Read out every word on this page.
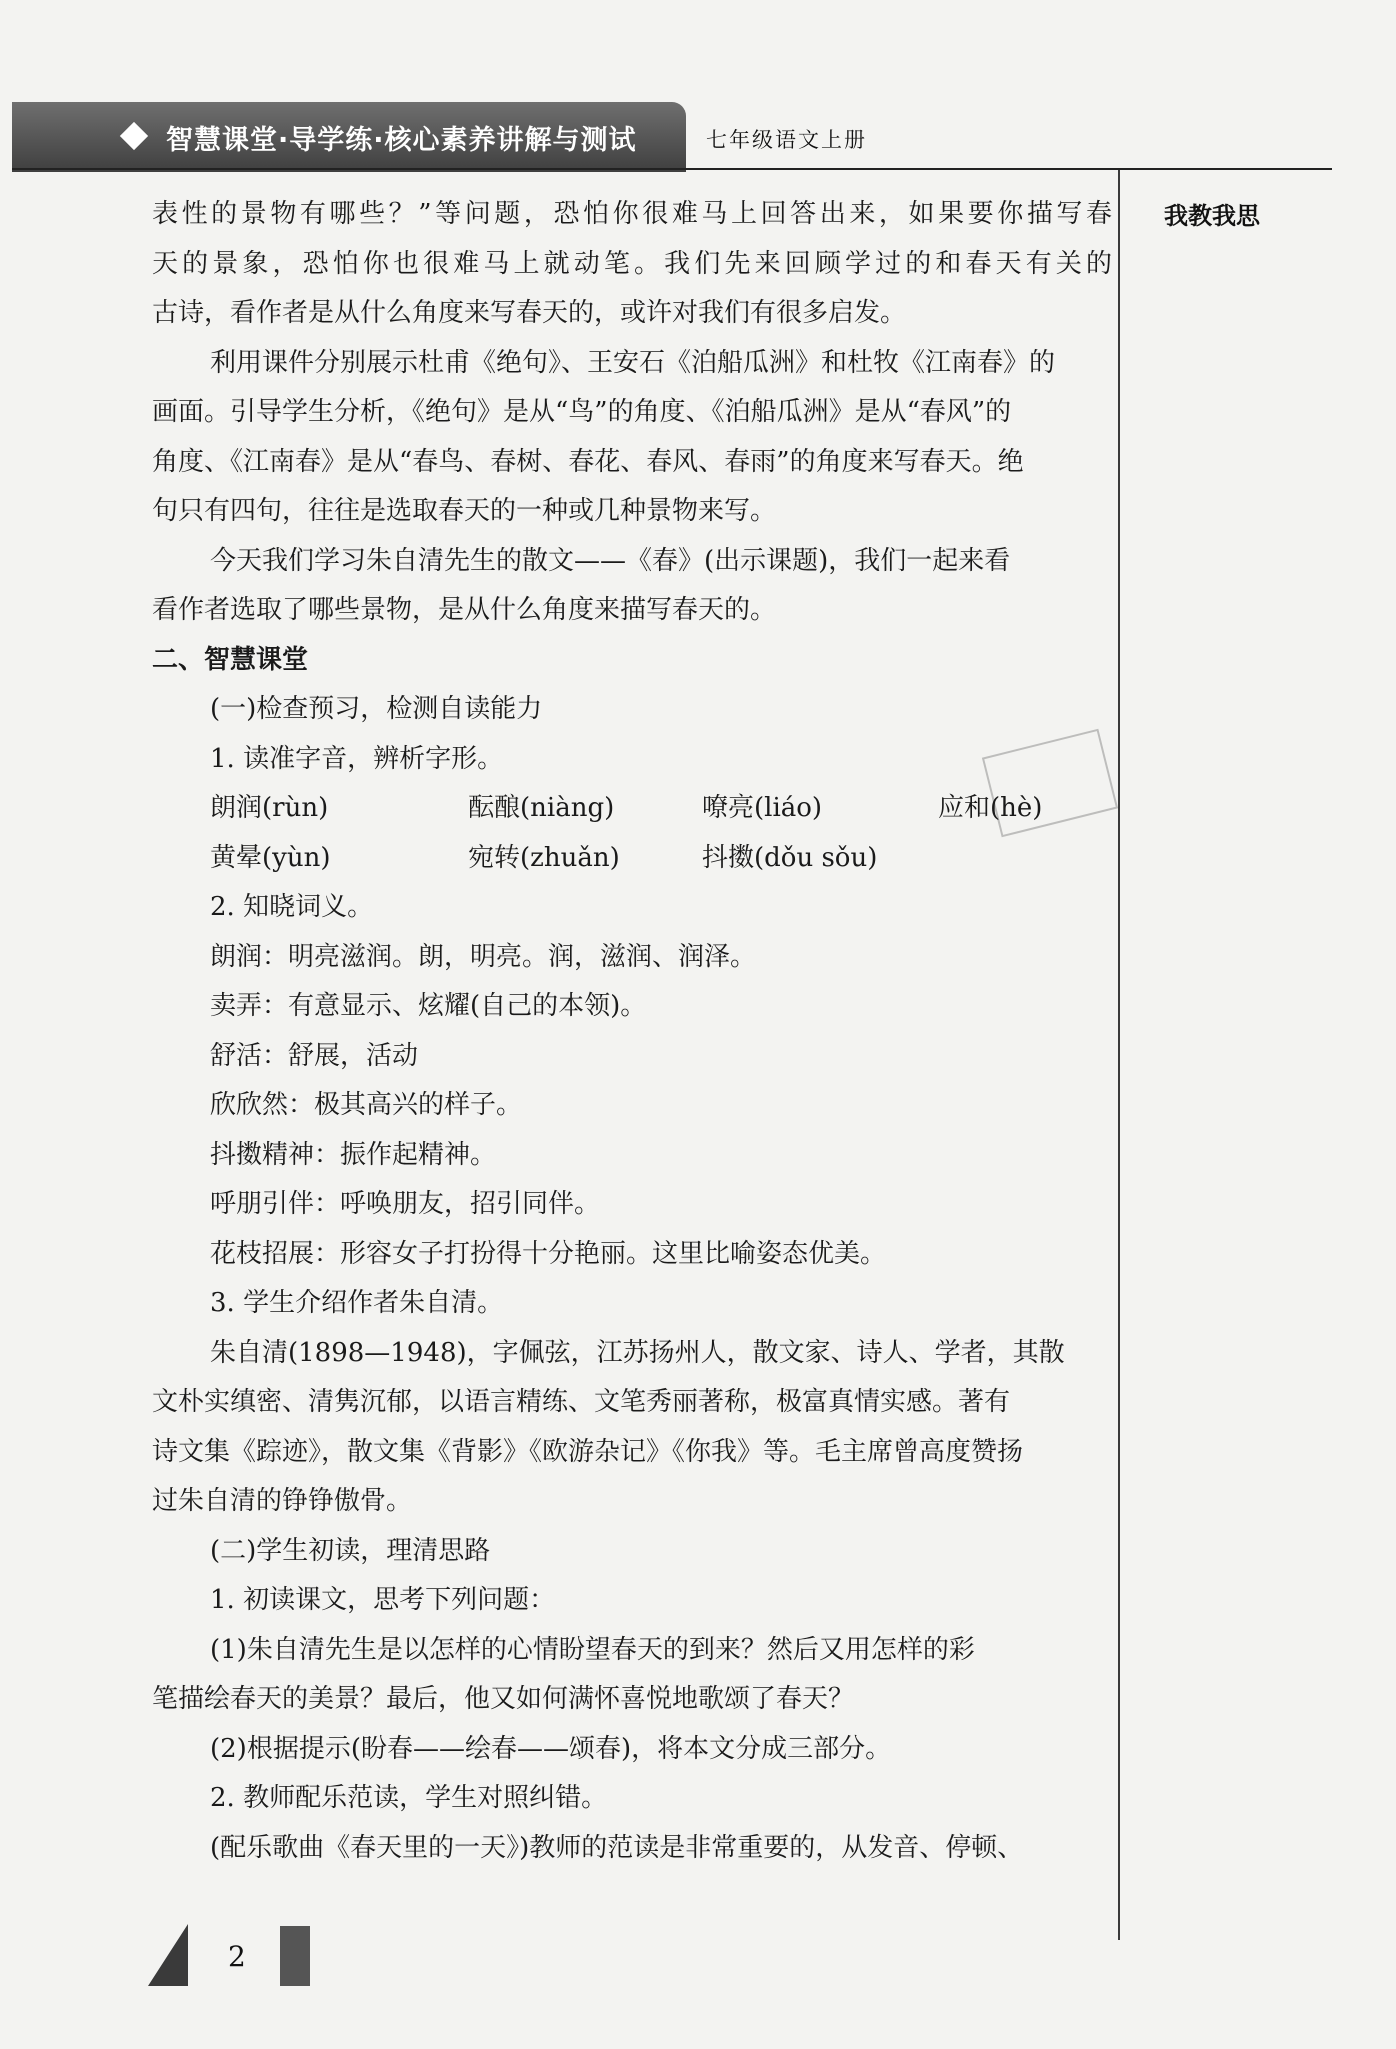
智慧课堂·导学练·核心素养讲解与测试	七年级语文上册
我教我思

表性的景物有哪些？”等问题，恐怕你很难马上回答出来，如果要你描写春

天的景象，恐怕你也很难马上就动笔。我们先来回顾学过的和春天有关的

古诗，看作者是从什么角度来写春天的，或许对我们有很多启发。

利用课件分别展示杜甫《绝句》、王安石《泊船瓜洲》和杜牧《江南春》的

画面。引导学生分析，《绝句》是从“鸟”的角度、《泊船瓜洲》是从“春风”的

角度、《江南春》是从“春鸟、春树、春花、春风、春雨”的角度来写春天。绝

句只有四句，往往是选取春天的一种或几种景物来写。

今天我们学习朱自清先生的散文——《春》(出示课题)，我们一起来看

看作者选取了哪些景物，是从什么角度来描写春天的。

二、智慧课堂

(一)检查预习，检测自读能力

1. 读准字音，辨析字形。

朗润(rùn)	酝酿(niàng)	嘹亮(liáo)	应和(hè)
黄晕(yùn)	宛转(zhuǎn)	抖擞(dǒu sǒu)

2. 知晓词义。

朗润：明亮滋润。朗，明亮。润，滋润、润泽。

卖弄：有意显示、炫耀(自己的本领)。

舒活：舒展，活动

欣欣然：极其高兴的样子。

抖擞精神：振作起精神。

呼朋引伴：呼唤朋友，招引同伴。

花枝招展：形容女子打扮得十分艳丽。这里比喻姿态优美。

3. 学生介绍作者朱自清。

朱自清(1898—1948)，字佩弦，江苏扬州人，散文家、诗人、学者，其散

文朴实缜密、清隽沉郁，以语言精练、文笔秀丽著称，极富真情实感。著有

诗文集《踪迹》，散文集《背影》《欧游杂记》《你我》等。毛主席曾高度赞扬

过朱自清的铮铮傲骨。

(二)学生初读，理清思路

1. 初读课文，思考下列问题：

(1)朱自清先生是以怎样的心情盼望春天的到来？然后又用怎样的彩

笔描绘春天的美景？最后，他又如何满怀喜悦地歌颂了春天？

(2)根据提示(盼春——绘春——颂春)，将本文分成三部分。

2. 教师配乐范读，学生对照纠错。

(配乐歌曲《春天里的一天》)教师的范读是非常重要的，从发音、停顿、

2
